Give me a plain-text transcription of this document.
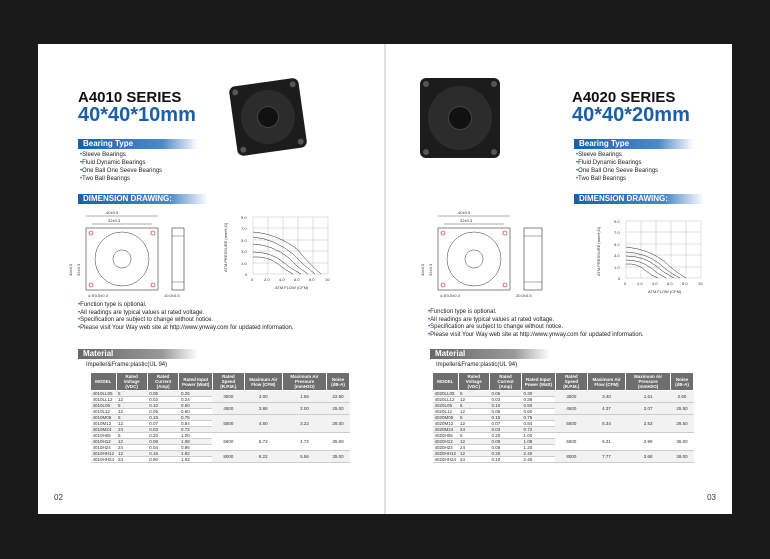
A4010 SERIES
40*40*10mm
Bearing Type
• Sleeve Bearings
• Fluid Dynamic Bearings
• One Ball One Seeve Bearings
• Two Ball Bearings
DIMENSION DRAWING:
40±0.5
32±0.3
40±0.5 32±0.3
4-Ф3.5±0.3	10.0±0.5
ATM.PRESSURE (mmH₂O)
9.0
7.0
5.0
3.0
1.0
0
0	2.0 4.0 6.0 8.0	10
ATM.FLOW (CFM)
• Function type is optional.
• All readings are typical values at rated voltage.
• Specification are subject to change without notice.
• Please visit Your Way web site at http://www.ynway.com for updated information.
Material
Impeller&Frame:plastic(UL 94)
MODEL	Rated Voltage (VDC)	Rated Current (Amp)	Rated Input Power (Watt)	Rated Speed (R.P.M.)	Maximum Air Flow (CFM)	Maximum Air Pressure (mmH2O)	Noise (dB-A)
4010LL05	5	0.05	0.25	3500	3.00	1.56	22.50
4010LL12	12	0.02	0.24				
4010L05	5	0.10	0.50	4500	3.88	2.00	25.00
4010L12	12	0.05	0.60				
4010M05	5	0.15	0.75	5500	4.60	3.22	28.00
4010M12	12	0.07	0.84				
4010M24	24	0.03	0.72				
4010H05	5	0.20	1.00	6600	5.72	4.72	35.00
4010H12	12	0.09	1.08				
4010H24	24	0.04	0.96				
4010HH12	12	0.16	1.92	8000	8.22	5.56	35.00
4010HH24	24	0.80	1.92				
02
A4020 SERIES
40*40*20mm
Bearing Type
• Sleeve Bearings
• Fluid Dynamic Bearings
• One Ball One Seeve Bearings
• Two Ball Bearings
DIMENSION DRAWING:
40±0.5
32±0.3
40±0.5 32±0.3
4-Ф3.5±0.3	20.0±0.5
ATM.PRESSURE (mmH₂O)
9.0
7.0
5.0
3.0
1.0
0
0	2.0 4.0 6.0 8.0	10
ATM.FLOW (CFM)
• Function type is optional.
• All readings are typical values at rated voltage.
• Specification are subject to change without notice.
• Please visit Your Way web site at http://www.ynway.com for updated information.
Material
Impeller&Frame:plastic(UL 94)
MODEL	Rated Voltage (VDC)	Rated Current (Amp)	Rated Input Power (Watt)	Rated Speed (R.P.M.)	Maximum Air Flow (CFM)	Maximum Air Pressure (mmH2O)	Noise (dB-A)
4020LL05	5	0.06	0.30	3500	3.40	1.61	2.50
4020LL12	12	0.03	0.36				
4020L05	5	0.10	0.50	4500	4.37	2.07	25.50
4020L12	12	0.05	0.60				
4020M05	5	0.15	0.75	5500	5.34	2.53	28.50
4020M12	12	0.07	0.84				
4020M24	24	0.03	0.72				
4020H05	5	0.20	1.00	6500	6.31	2.99	36.00
4020H12	12	0.09	1.08				
4020H24	24	0.05	1.20				
4020HH12	12	0.20	2.40	8000	7.77	3.68	39.00
4020HH24	24	0.10	2.40				
03
